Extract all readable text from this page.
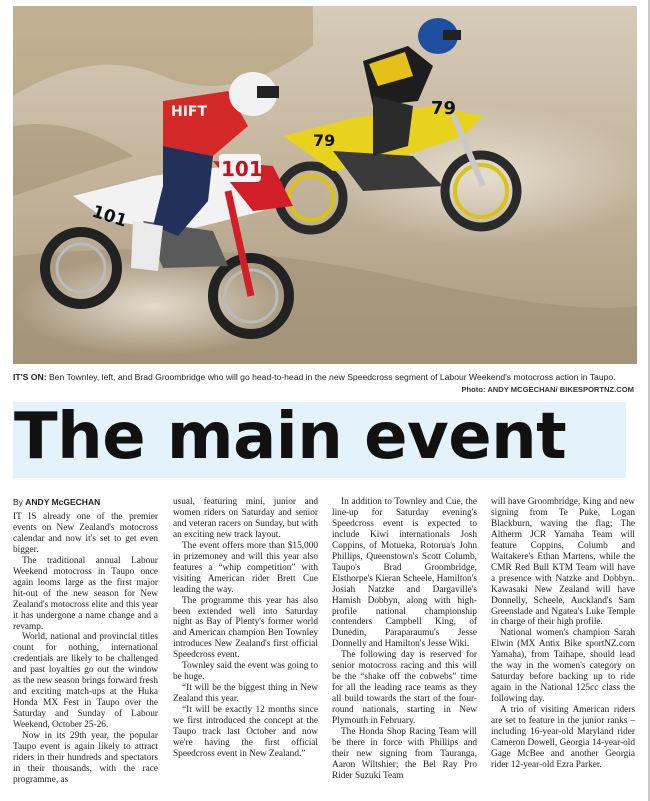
79
79
101
101
HIFT
IT'S ON: Ben Townley, left, and Brad Groombridge who will go head-to-head in the new Speedcross segment of Labour Weekend's motocross action in Taupo.
Photo: ANDY MCGECHAN/ BIKESPORTNZ.COM
The main event
By ANDY McGECHAN

IT IS already one of the premier events on New Zealand's motocross calendar and now it's set to get even bigger.

The traditional annual Labour Weekend motocross in Taupo once again looms large as the first major hit-out of the new season for New Zealand's motocross elite and this year it has undergone a name change and a revamp.

World, national and provincial titles count for nothing, international credentials are likely to be challenged and past loyalties go out the window as the new season brings forward fresh and exciting match-ups at the Huka Honda MX Fest in Taupo over the Saturday and Sunday of Labour Weekend, October 25-26.

Now in its 29th year, the popular Taupo event is again likely to attract riders in their hundreds and spectators in their thousands, with the race programme, as

usual, featuring mini, junior and women riders on Saturday and senior and veteran racers on Sunday, but with an exciting new track layout.

The event offers more than $15,000 in prizemoney and will this year also features a “whip competition” with visiting American rider Brett Cue leading the way.

The programme this year has also been extended well into Saturday night as Bay of Plenty's former world and American champion Ben Townley introduces New Zealand's first official Speedcross event.

Townley said the event was going to be huge.

“It will be the biggest thing in New Zealand this year.

“It will be exactly 12 months since we first introduced the concept at the Taupo track last October and now we're having the first official Speedcross event in New Zealand.”

In addition to Townley and Cue, the line-up for Saturday evening's Speedcross event is expected to include Kiwi internationals Josh Coppins, of Motueka, Rotorua's John Phillips, Queenstown's Scott Columb, Taupo's Brad Groombridge, Elsthorpe's Kieran Scheele, Hamilton's Josiah Natzke and Dargaville's Hamish Dobbyn, along with high-profile national championship contenders Campbell King, of Dunedin, Paraparaumu's Jesse Donnelly and Hamilton's Jesse Wiki.

The following day is reserved for senior motocross racing and this will be the “shake off the cobwebs” time for all the leading race teams as they all build towards the start of the four-round nationals, starting in New Plymouth in February.

The Honda Shop Racing Team will be there in force with Phillips and their new signing from Tauranga, Aaron Wiltshier; the Bel Ray Pro Rider Suzuki Team

will have Groombridge, King and new signing from Te Puke, Logan Blackburn, waving the flag; The Altherm JCR Yamaha Team will feature Coppins, Columb and Waitakere's Ethan Martens, while the CMR Red Bull KTM Team will have a presence with Natzke and Dobbyn. Kawasaki New Zealand will have Donnelly, Scheele, Auckland's Sam Greenslade and Ngatea's Luke Temple in charge of their high profile.

National women's champion Sarah Elwin (MX Antix Bike sportNZ.com Yamaha), from Taihape, should lead the way in the women's category on Saturday before backing up to ride again in the National 125cc class the following day.

A trio of visiting American riders are set to feature in the junior ranks – including 16-year-old Maryland rider Cameron Dowell, Georgia 14-year-old Gage McBee and another Georgia rider 12-year-old Ezra Parker.
